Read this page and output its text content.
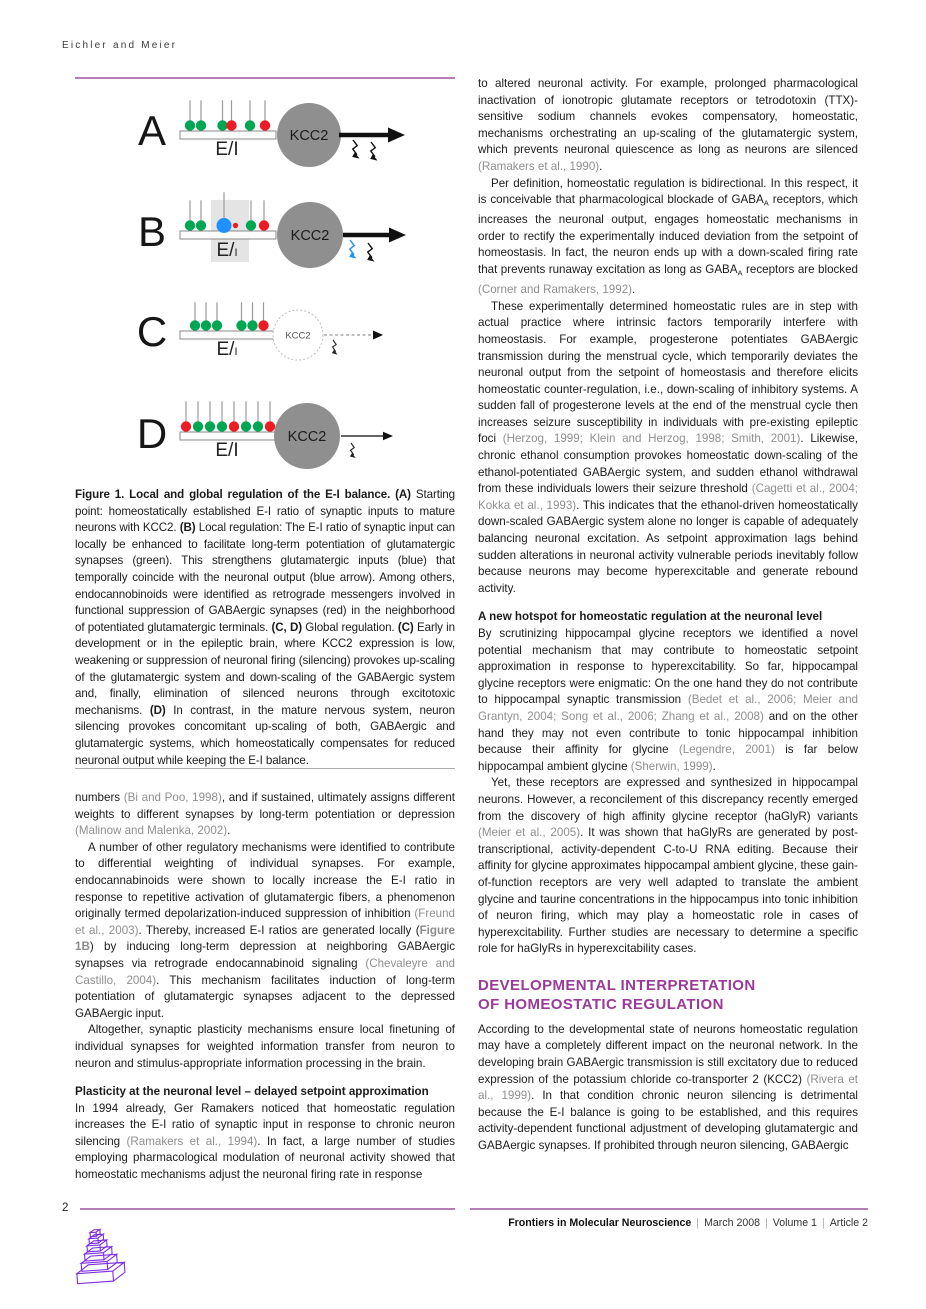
Eichler and Meier
A	E/I
KCC2
B	E/I
KCC2
C	E/I
KCC2
D	E/I
KCC2

Figure 1. Local and global regulation of the E-I balance. (A) Starting point: homeostatically established E-I ratio of synaptic inputs to mature neurons with KCC2. (B) Local regulation: The E-I ratio of synaptic input can locally be enhanced to facilitate long-term potentiation of glutamatergic synapses (green). This strengthens glutamatergic inputs (blue) that temporally coincide with the neuronal output (blue arrow). Among others, endocannobinoids were identified as retrograde messengers involved in functional suppression of GABAergic synapses (red) in the neighborhood of potentiated glutamatergic terminals. (C, D) Global regulation. (C) Early in development or in the epileptic brain, where KCC2 expression is low, weakening or suppression of neuronal firing (silencing) provokes up-scaling of the glutamatergic system and down-scaling of the GABAergic system and, finally, elimination of silenced neurons through excitotoxic mechanisms. (D) In contrast, in the mature nervous system, neuron silencing provokes concomitant up-scaling of both, GABAergic and glutamatergic systems, which homeostatically compensates for reduced neuronal output while keeping the E-I balance.

numbers (Bi and Poo, 1998), and if sustained, ultimately assigns different weights to different synapses by long-term potentiation or depression (Malinow and Malenka, 2002).

A number of other regulatory mechanisms were identified to contribute to differential weighting of individual synapses. For example, endocannabinoids were shown to locally increase the E-I ratio in response to repetitive activation of glutamatergic fibers, a phenomenon originally termed depolarization-induced suppression of inhibition (Freund et al., 2003). Thereby, increased E-I ratios are generated locally (Figure 1B) by inducing long-term depression at neighboring GABAergic synapses via retrograde endocannabinoid signaling (Chevaleyre and Castillo, 2004). This mechanism facilitates induction of long-term potentiation of glutamatergic synapses adjacent to the depressed GABAergic input.

Altogether, synaptic plasticity mechanisms ensure local finetuning of individual synapses for weighted information transfer from neuron to neuron and stimulus-appropriate information processing in the brain.

Plasticity at the neuronal level – delayed setpoint approximation

In 1994 already, Ger Ramakers noticed that homeostatic regulation increases the E-I ratio of synaptic input in response to chronic neuron silencing (Ramakers et al., 1994). In fact, a large number of studies employing pharmacological modulation of neuronal activity showed that homeostatic mechanisms adjust the neuronal firing rate in response

to altered neuronal activity. For example, prolonged pharmacological inactivation of ionotropic glutamate receptors or tetrodotoxin (TTX)-sensitive sodium channels evokes compensatory, homeostatic, mechanisms orchestrating an up-scaling of the glutamatergic system, which prevents neuronal quiescence as long as neurons are silenced (Ramakers et al., 1990).

Per definition, homeostatic regulation is bidirectional. In this respect, it is conceivable that pharmacological blockade of $GABA_A$ receptors, which increases the neuronal output, engages homeostatic mechanisms in order to rectify the experimentally induced deviation from the setpoint of homeostasis. In fact, the neuron ends up with a down-scaled firing rate that prevents runaway excitation as long as $GABA_A$ receptors are blocked (Corner and Ramakers, 1992).

These experimentally determined homeostatic rules are in step with actual practice where intrinsic factors temporarily interfere with homeostasis. For example, progesterone potentiates GABAergic transmission during the menstrual cycle, which temporarily deviates the neuronal output from the setpoint of homeostasis and therefore elicits homeostatic counter-regulation, i.e., down-scaling of inhibitory systems. A sudden fall of progesterone levels at the end of the menstrual cycle then increases seizure susceptibility in individuals with pre-existing epileptic foci (Herzog, 1999; Klein and Herzog, 1998; Smith, 2001). Likewise, chronic ethanol consumption provokes homeostatic down-scaling of the ethanol-potentiated GABAergic system, and sudden ethanol withdrawal from these individuals lowers their seizure threshold (Cagetti et al., 2004; Kokka et al., 1993). This indicates that the ethanol-driven homeostatically down-scaled GABAergic system alone no longer is capable of adequately balancing neuronal excitation. As setpoint approximation lags behind sudden alterations in neuronal activity vulnerable periods inevitably follow because neurons may become hyperexcitable and generate rebound activity.

A new hotspot for homeostatic regulation at the neuronal level

By scrutinizing hippocampal glycine receptors we identified a novel potential mechanism that may contribute to homeostatic setpoint approximation in response to hyperexcitability. So far, hippocampal glycine receptors were enigmatic: On the one hand they do not contribute to hippocampal synaptic transmission (Bedet et al., 2006; Meier and Grantyn, 2004; Song et al., 2006; Zhang et al., 2008) and on the other hand they may not even contribute to tonic hippocampal inhibition because their affinity for glycine (Legendre, 2001) is far below hippocampal ambient glycine (Sherwin, 1999).

Yet, these receptors are expressed and synthesized in hippocampal neurons. However, a reconcilement of this discrepancy recently emerged from the discovery of high affinity glycine receptor (haGlyR) variants (Meier et al., 2005). It was shown that haGlyRs are generated by post-transcriptional, activity-dependent C-to-U RNA editing. Because their affinity for glycine approximates hippocampal ambient glycine, these gain-of-function receptors are very well adapted to translate the ambient glycine and taurine concentrations in the hippocampus into tonic inhibition of neuron firing, which may play a homeostatic role in cases of hyperexcitability. Further studies are necessary to determine a specific role for haGlyRs in hyperexcitability cases.

DEVELOPMENTAL INTERPRETATION
OF HOMEOSTATIC REGULATION

According to the developmental state of neurons homeostatic regulation may have a completely different impact on the neuronal network. In the developing brain GABAergic transmission is still excitatory due to reduced expression of the potassium chloride co-transporter 2 (KCC2) (Rivera et al., 1999). In that condition chronic neuron silencing is detrimental because the E-I balance is going to be established, and this requires activity-dependent functional adjustment of developing glutamatergic and GABAergic synapses. If prohibited through neuron silencing, GABAergic

2
Frontiers in Molecular Neuroscience | March 2008 | Volume 1 | Article 2
